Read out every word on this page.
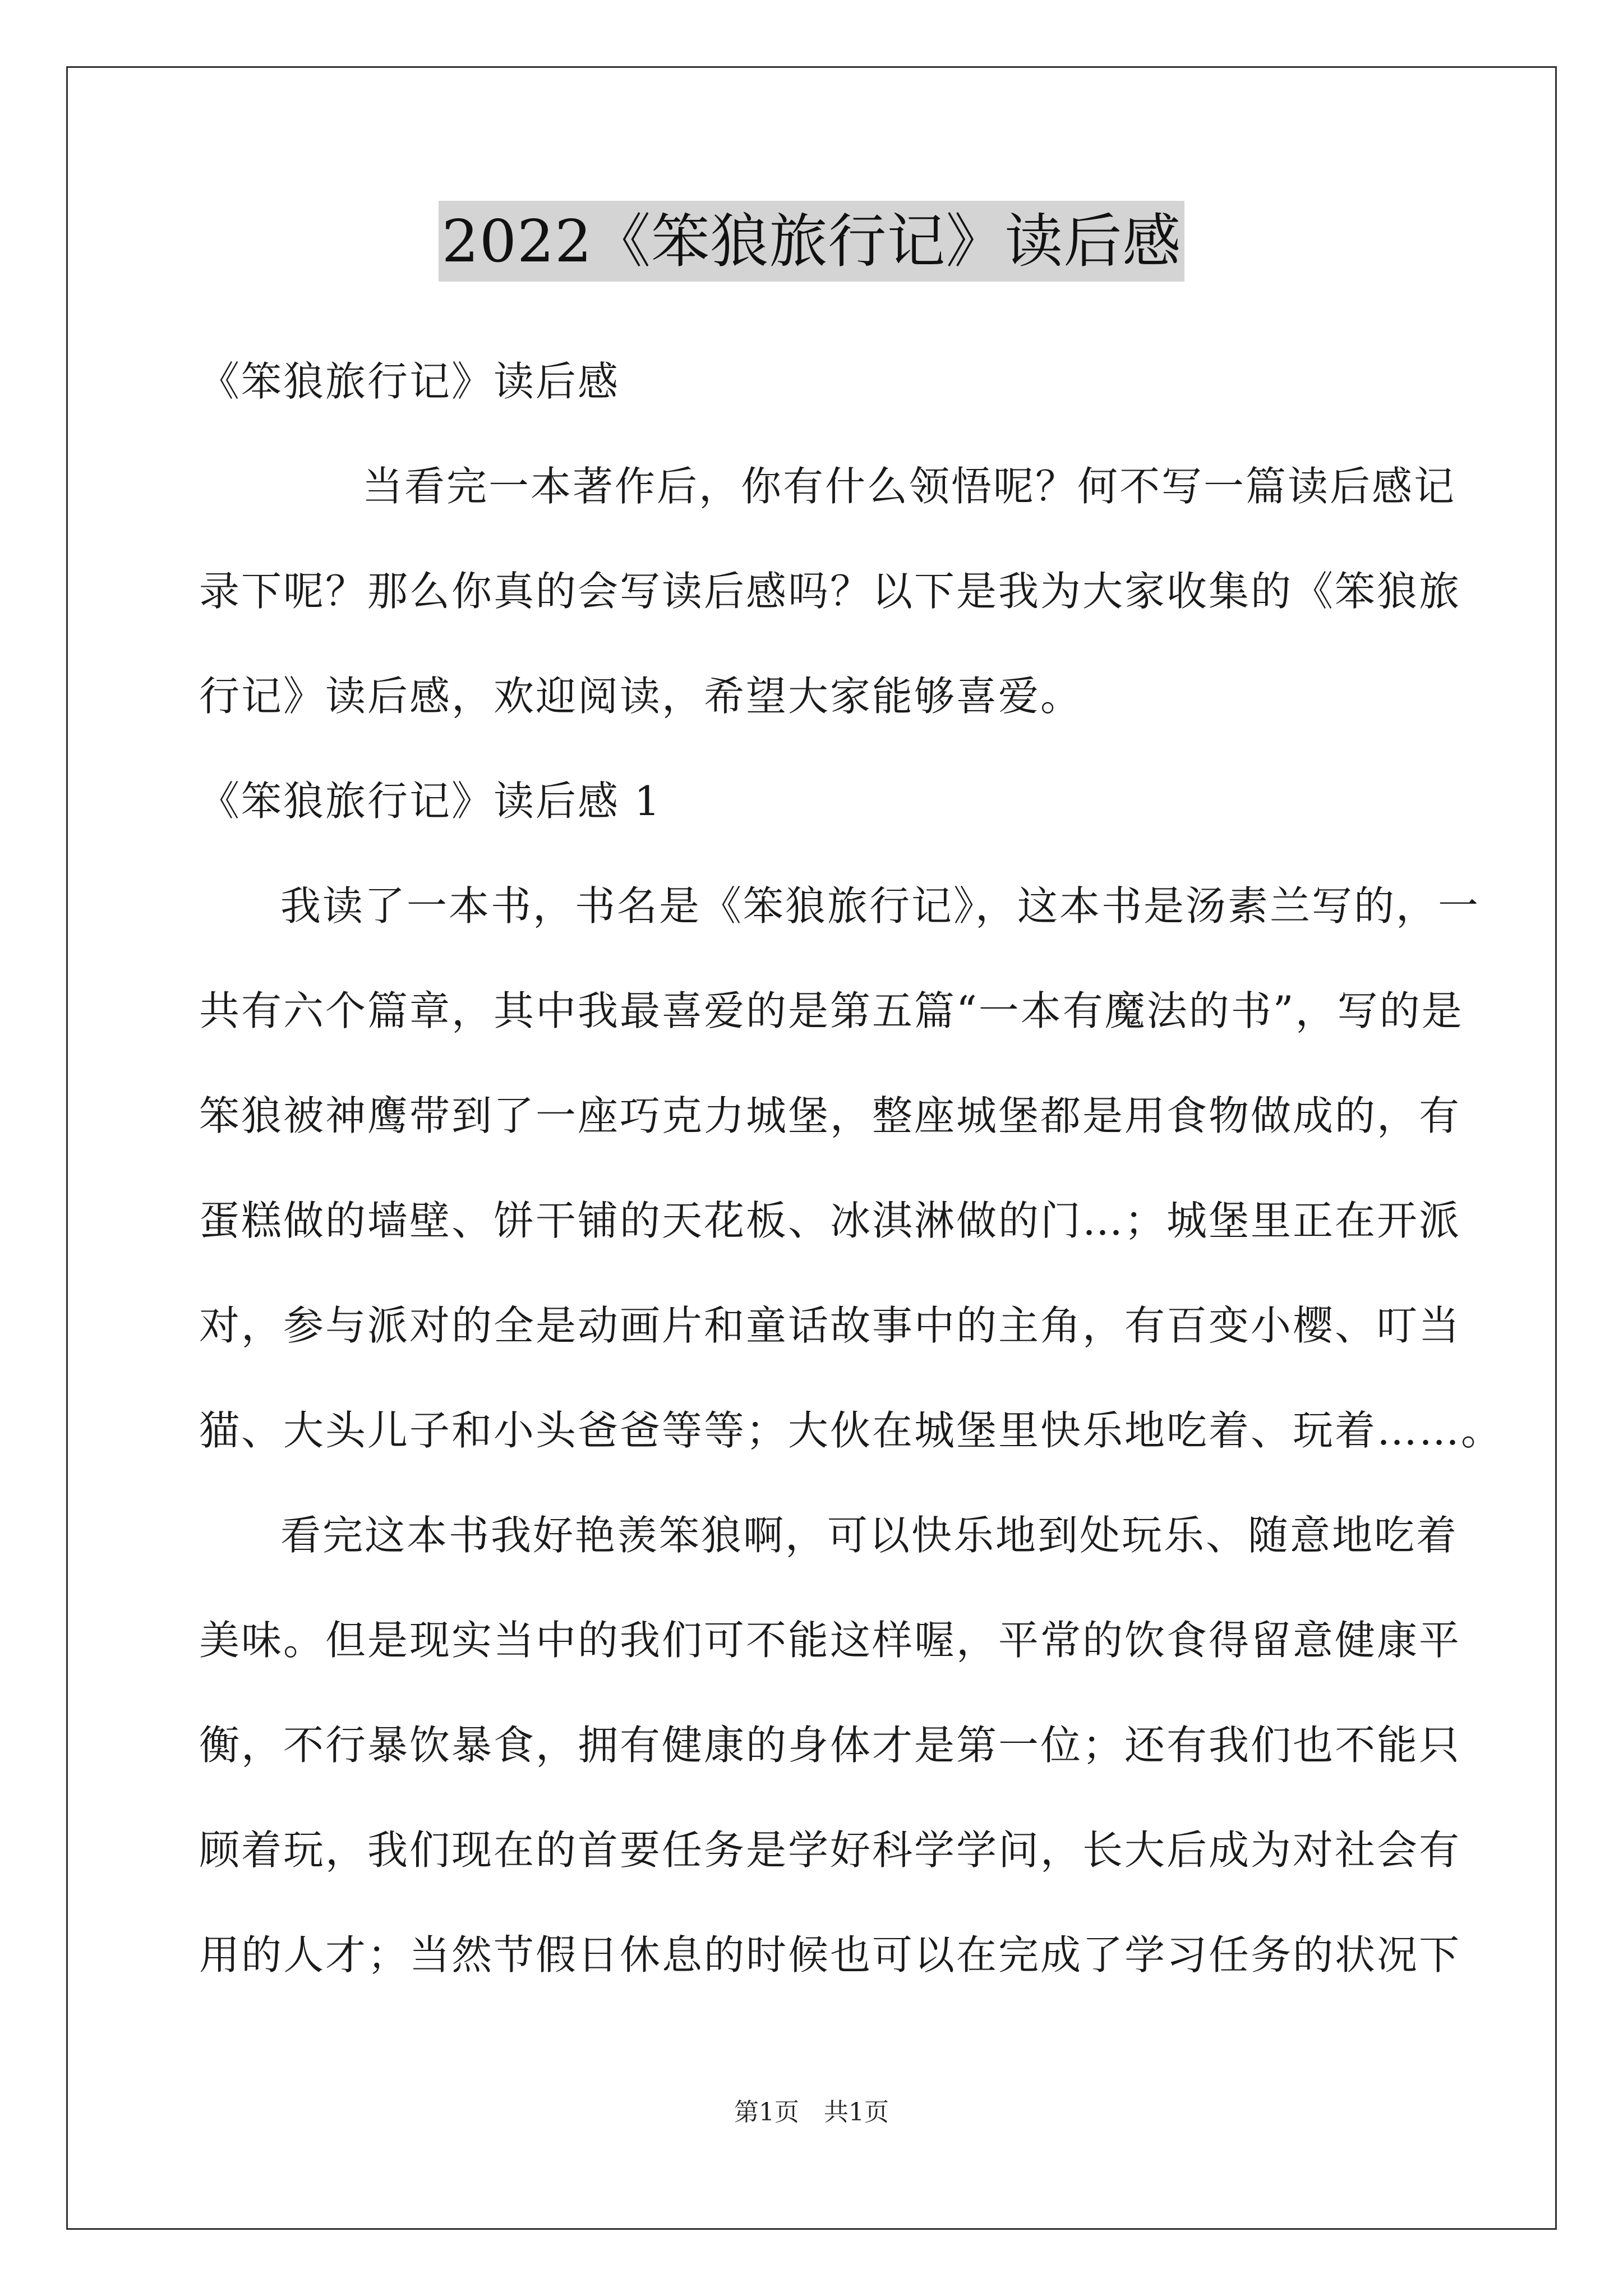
2022《笨狼旅行记》读后感
《笨狼旅行记》读后感
当看完一本著作后，你有什么领悟呢？何不写一篇读后感记
录下呢？那么你真的会写读后感吗？以下是我为大家收集的《笨狼旅
行记》读后感，欢迎阅读，希望大家能够喜爱。
《笨狼旅行记》读后感 1
我读了一本书，书名是《笨狼旅行记》，这本书是汤素兰写的，一
共有六个篇章，其中我最喜爱的是第五篇“一本有魔法的书”，写的是
笨狼被神鹰带到了一座巧克力城堡，整座城堡都是用食物做成的，有
蛋糕做的墙壁、饼干铺的天花板、冰淇淋做的门…；城堡里正在开派
对，参与派对的全是动画片和童话故事中的主角，有百变小樱、叮当
猫、大头儿子和小头爸爸等等；大伙在城堡里快乐地吃着、玩着……。
看完这本书我好艳羡笨狼啊，可以快乐地到处玩乐、随意地吃着
美味。但是现实当中的我们可不能这样喔，平常的饮食得留意健康平
衡，不行暴饮暴食，拥有健康的身体才是第一位；还有我们也不能只
顾着玩，我们现在的首要任务是学好科学学问，长大后成为对社会有
用的人才；当然节假日休息的时候也可以在完成了学习任务的状况下
第1页　共1页
